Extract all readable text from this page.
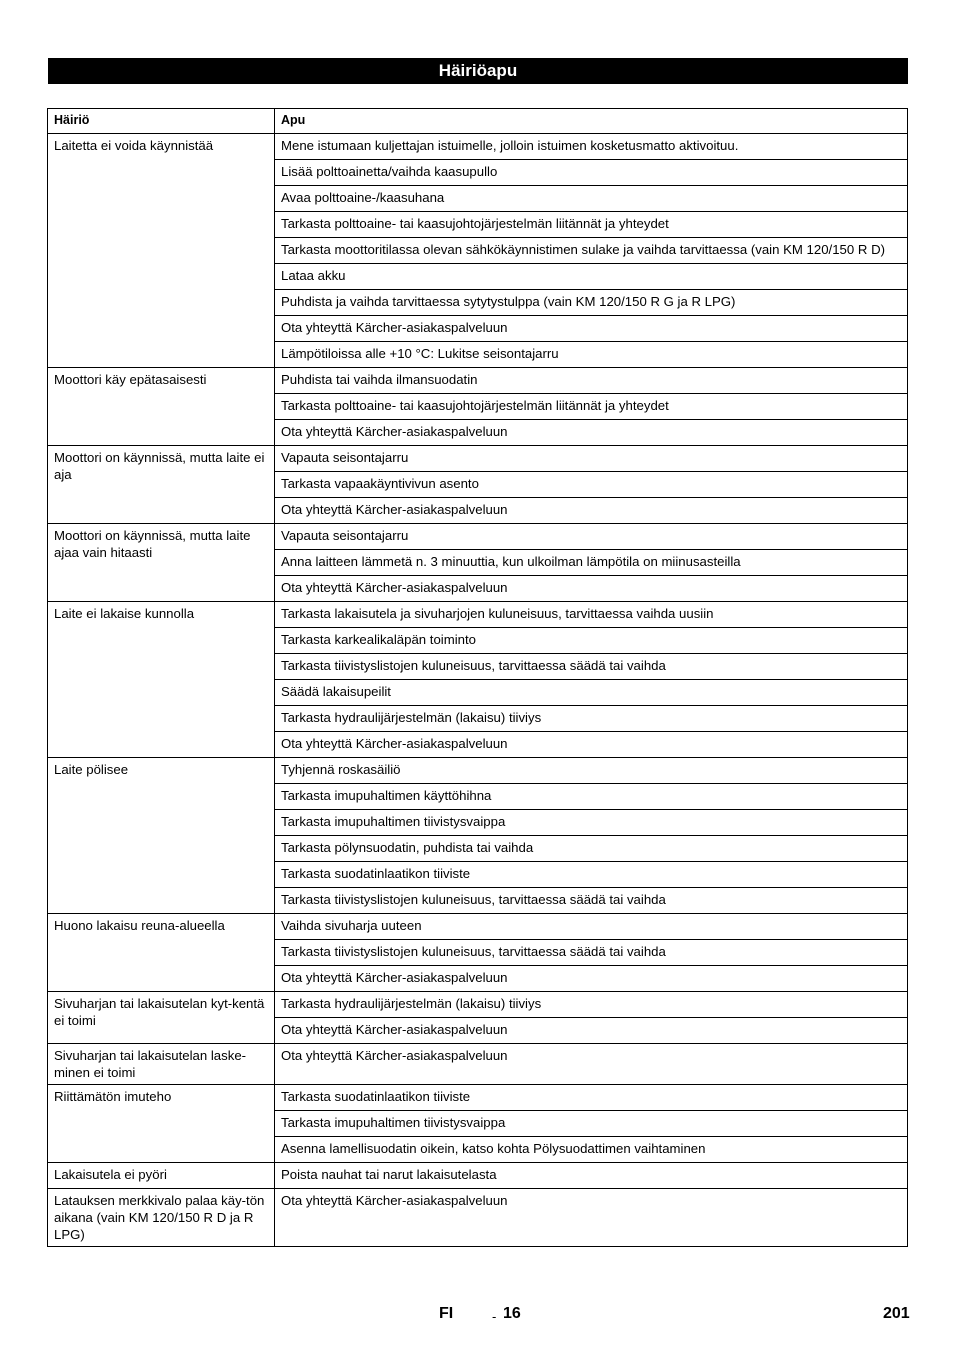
Häiriöapu
Häiriö	Apu
Laitetta ei voida käynnistää	Mene istumaan kuljettajan istuimelle, jolloin istuimen kosketusmatto aktivoituu.
	Lisää polttoainetta/vaihda kaasupullo
	Avaa polttoaine-/kaasuhana
	Tarkasta polttoaine- tai kaasujohtojärjestelmän liitännät ja yhteydet
	Tarkasta moottoritilassa olevan sähkökäynnistimen sulake ja vaihda tarvittaessa (vain KM 120/150 R D)
	Lataa akku
	Puhdista ja vaihda tarvittaessa sytytystulppa (vain KM 120/150 R G ja R LPG)
	Ota yhteyttä Kärcher-asiakaspalveluun
	Lämpötiloissa alle +10 °C: Lukitse seisontajarru
Moottori käy epätasaisesti	Puhdista tai vaihda ilmansuodatin
	Tarkasta polttoaine- tai kaasujohtojärjestelmän liitännät ja yhteydet
	Ota yhteyttä Kärcher-asiakaspalveluun
Moottori on käynnissä, mutta laite ei aja	Vapauta seisontajarru
	Tarkasta vapaakäyntivivun asento
	Ota yhteyttä Kärcher-asiakaspalveluun
Moottori on käynnissä, mutta laite ajaa vain hitaasti	Vapauta seisontajarru
	Anna laitteen lämmetä n. 3 minuuttia, kun ulkoilman lämpötila on miinusasteilla
	Ota yhteyttä Kärcher-asiakaspalveluun
Laite ei lakaise kunnolla	Tarkasta lakaisutela ja sivuharjojen kuluneisuus, tarvittaessa vaihda uusiin
	Tarkasta karkealikaläpän toiminto
	Tarkasta tiivistyslistojen kuluneisuus, tarvittaessa säädä tai vaihda
	Säädä lakaisupeilit
	Tarkasta hydraulijärjestelmän (lakaisu) tiiviys
	Ota yhteyttä Kärcher-asiakaspalveluun
Laite pölisee	Tyhjennä roskasäiliö
	Tarkasta imupuhaltimen käyttöhihna
	Tarkasta imupuhaltimen tiivistysvaippa
	Tarkasta pölynsuodatin, puhdista tai vaihda
	Tarkasta suodatinlaatikon tiiviste
	Tarkasta tiivistyslistojen kuluneisuus, tarvittaessa säädä tai vaihda
Huono lakaisu reuna-alueella	Vaihda sivuharja uuteen
	Tarkasta tiivistyslistojen kuluneisuus, tarvittaessa säädä tai vaihda
	Ota yhteyttä Kärcher-asiakaspalveluun
Sivuharjan tai lakaisutelan kyt-kentä ei toimi	Tarkasta hydraulijärjestelmän (lakaisu) tiiviys
	Ota yhteyttä Kärcher-asiakaspalveluun
Sivuharjan tai lakaisutelan laske-minen ei toimi	Ota yhteyttä Kärcher-asiakaspalveluun
Riittämätön imuteho	Tarkasta suodatinlaatikon tiiviste
	Tarkasta imupuhaltimen tiivistysvaippa
	Asenna lamellisuodatin oikein, katso kohta Pölysuodattimen vaihtaminen
Lakaisutela ei pyöri	Poista nauhat tai narut lakaisutelasta
Latauksen merkkivalo palaa käy-tön aikana (vain KM 120/150 R D ja R LPG)	Ota yhteyttä Kärcher-asiakaspalveluun
FI	- 16	201
